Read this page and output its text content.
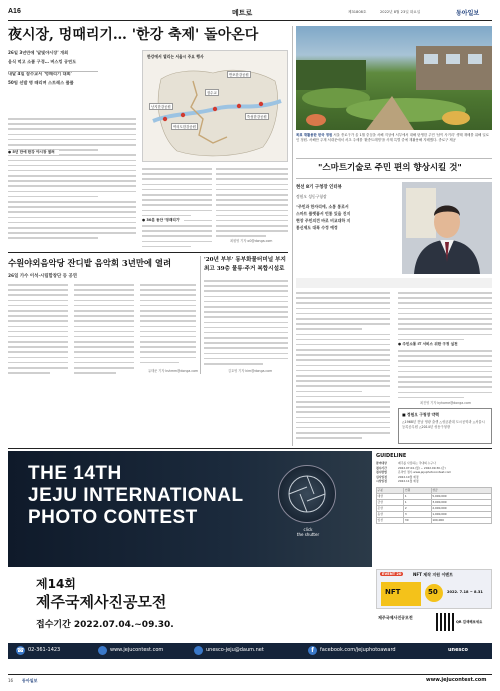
A16	메트로	제31808호	2022년 8월 23일 화요일	동아일보
夜시장, 멍때리기… '한강 축제' 돌아온다
26일 3년만에 '달빛야시장' 개최
음식 먹고 소품 구경… 버스킹 공연도
내달 4일 잠수교서 '멍때리기 대회'
50팀 선발 명 때리며 스트레스 풀풀
● 5년 만에 한강 야시장 열려
한강에서 열리는 서울시 주요 행사
반포한강공원
잠수교
여의도한강공원
뚝섬한강공원
난지한강공원
● 30분 동안 '멍때리기'
최원영 기자 o0@donga.com
목표 재활용한 한국 정원 서울 종로구가 올 1월 중심을 서해 지상에 서부에서 대해 탄생한 주민 '남이 사거리' 생태 재배를 위해 일로인 정원. 서해안 주재 서대문에서 서초 주세를 '환종트레빙'을 사계 특별 중에 재활용해 지배했다. 종로구 제공
"스마트기술로 주민 편의 향상시킬 것"
현선 8기 구청장 인터뷰
정원오 성동구청장
"주민과 한자리에, 소통 통로서
스마트 플랫폼서 빈통 있을 진지
현장 주민의견 바로 비교대하 지
통신제도 대폭 수정 예정
● 주민소통 IT 서비스 위한 구정 실천
최진영 기자 kyhome@donga.com
■ 정원오 구청장 약력
△1968년 전남 영광 출생 △성균관대 도시공학과 △서울시 등록공무원 △2014년 성동구청장
수원야외음악당 잔디밭 음악회 3년만에 열려
26일 가수 이석·시립합창단 등 공연
유태준 기자 kshmm@donga.com
'20년 부부' 동부화물터미널 부지
최고 39층 물류·주거 복합시설로
김호영 기자 kim@donga.com
THE 14TH
JEJU INTERNATIONAL
PHOTO CONTEST
click
the shutter
제14회
제주국제사진공모전
접수기간 2022.07.04.~09.30.
GUIDELINE
참여대상	제주를 사랑하는 국내외 누구나
접수기간	2022.07.04.(월) ~ 2022.09.30.(금)
접수방법	온라인 접수 www.jejuphotocontest.com
심사일정	2022.10월 예정
시상일정	2022.11월 예정
구분	인원	상금
대상	1	5,000,000
금상	1	3,000,000
은상	2	2,000,000
동상	3	1,000,000
입선	30	100,000
EVENT 20	NFT 제작 지원 이벤트
NFT	50	2022. 7.18 ~ 8.31
제주국제사진공모전
QR 검색해보세요
☎ 02-361-1423	www.jejucontest.com	unesco-jeju@daum.net	f	facebook.com/jejuphotoaward	unesco
16 동아일보	www.jejucontest.com
